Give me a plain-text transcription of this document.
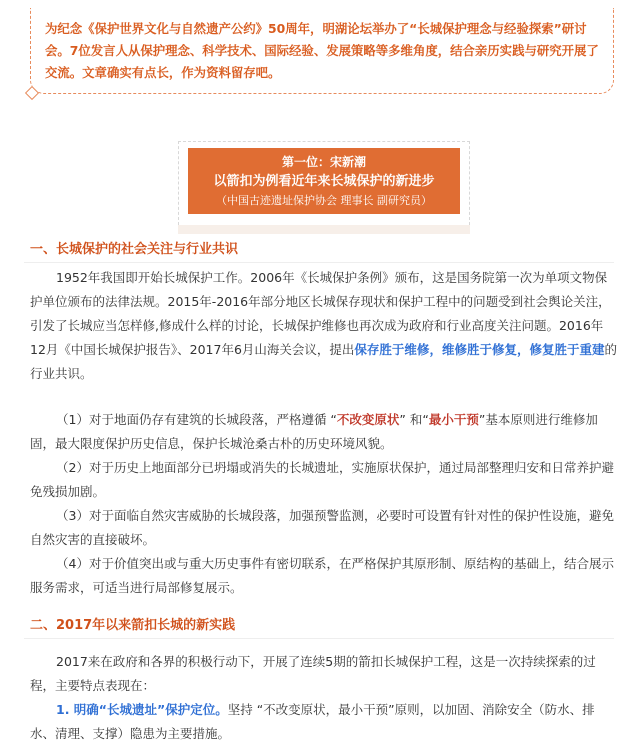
为纪念《保护世界文化与自然遗产公约》50周年，明湖论坛举办了“长城保护理念与经验探索”研讨会。7位发言人从保护理念、科学技术、国际经验、发展策略等多维角度，结合亲历实践与研究开展了交流。文章确实有点长，作为资料留存吧。
第一位：宋新潮
以箭扣为例看近年来长城保护的新进步
（中国古迹遗址保护协会 理事长 副研究员）
一、长城保护的社会关注与行业共识

1952年我国即开始长城保护工作。2006年《长城保护条例》颁布，这是国务院第一次为单项文物保护单位颁布的法律法规。2015年-2016年部分地区长城保存现状和保护工程中的问题受到社会舆论关注，引发了长城应当怎样修,修成什么样的讨论，长城保护维修也再次成为政府和行业高度关注问题。2016年12月《中国长城保护报告》、2017年6月山海关会议，提出保存胜于维修，维修胜于修复，修复胜于重建的行业共识。

（1）对于地面仍存有建筑的长城段落，严格遵循 “不改变原状” 和“最小干预”基本原则进行维修加固，最大限度保护历史信息，保护长城沧桑古朴的历史环境风貌。

（2）对于历史上地面部分已坍塌或消失的长城遗址，实施原状保护，通过局部整理归安和日常养护避免残损加剧。

（3）对于面临自然灾害威胁的长城段落，加强预警监测，必要时可设置有针对性的保护性设施，避免自然灾害的直接破坏。

（4）对于价值突出或与重大历史事件有密切联系，在严格保护其原形制、原结构的基础上，结合展示服务需求，可适当进行局部修复展示。

二、2017年以来箭扣长城的新实践

2017来在政府和各界的积极行动下，开展了连续5期的箭扣长城保护工程，这是一次持续探索的过程，主要特点表现在：

1. 明确“长城遗址”保护定位。坚持 “不改变原状，最小干预”原则，以加固、消除安全（防水、排水、清理、支撑）隐患为主要措施。
